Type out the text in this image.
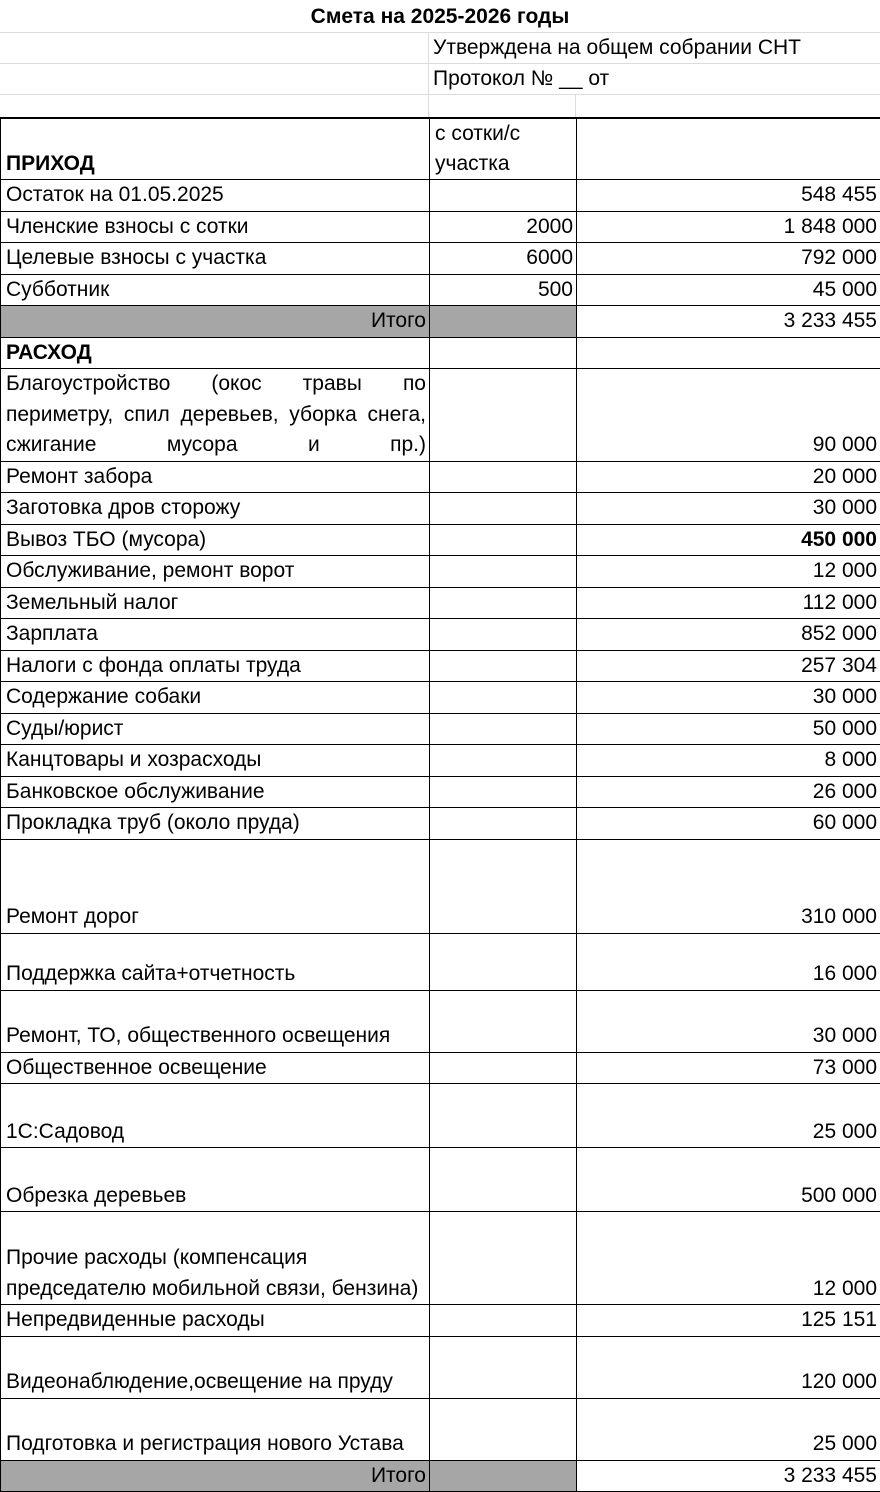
Смета на 2025-2026 годы
Утверждена на общем собрании СНТ
Протокол № __ от
ПРИХОД	с сотки/с участка	
Остаток на 01.05.2025		548 455
Членские взносы с сотки	2000	1 848 000
Целевые взносы с участка	6000	792 000
Субботник	500	45 000
Итого		3 233 455
РАСХОД		
Благоустройство (окос травы по периметру, спил деревьев, уборка снега, сжигание мусора и пр.)		90 000
Ремонт забора		20 000
Заготовка дров сторожу		30 000
Вывоз ТБО (мусора)		450 000
Обслуживание, ремонт ворот		12 000
Земельный налог		112 000
Зарплата		852 000
Налоги с фонда оплаты труда		257 304
Содержание собаки		30 000
Суды/юрист		50 000
Канцтовары и хозрасходы		8 000
Банковское обслуживание		26 000
Прокладка труб (около пруда)		60 000
Ремонт дорог		310 000
Поддержка сайта+отчетность		16 000
Ремонт, ТО, общественного освещения		30 000
Общественное освещение		73 000
1С:Садовод		25 000
Обрезка деревьев		500 000
Прочие расходы (компенсация председателю мобильной связи, бензина)		12 000
Непредвиденные расходы		125 151
Видеонаблюдение,освещение на пруду		120 000
Подготовка и регистрация нового Устава		25 000
Итого		3 233 455
